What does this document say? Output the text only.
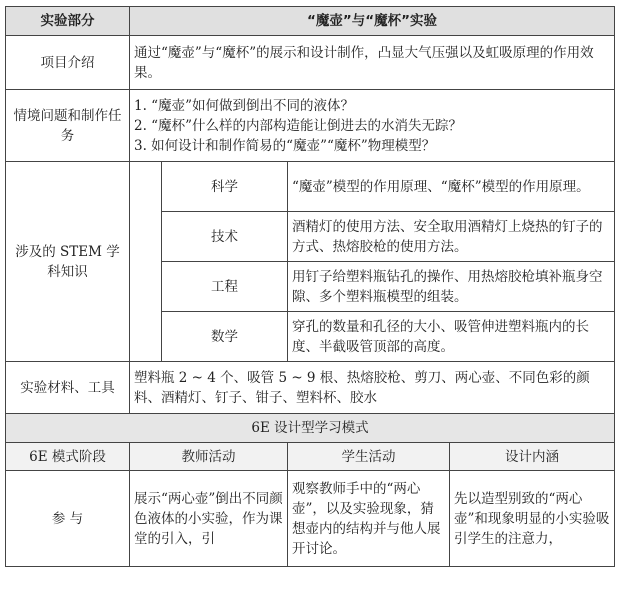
实验部分	“魔壶”与“魔杯”实验			
项目介绍	通过“魔壶”与“魔杯”的展示和设计制作，凸显大气压强以及虹吸原理的作用效果。			
情境问题和制作任务	1. “魔壶”如何做到倒出不同的液体？
2. “魔杯”什么样的内部构造能让倒进去的水消失无踪？
3. 如何设计和制作简易的“魔壶”“魔杯”物理模型？			

涉及的 STEM 学科知识		科学	“魔壶”模型的作用原理、“魔杯”模型的作用原理。	
		技术	酒精灯的使用方法、安全取用酒精灯上烧热的钉子的方式、热熔胶枪的使用方法。	
		工程	用钉子给塑料瓶钻孔的操作、用热熔胶枪填补瓶身空隙、多个塑料瓶模型的组装。	
		数学	穿孔的数量和孔径的大小、吸管伸进塑料瓶内的长度、半截吸管顶部的高度。	
实验材料、工具	塑料瓶 2 ~ 4 个、吸管 5 ~ 9 根、热熔胶枪、剪刀、两心壶、不同色彩的颜料、酒精灯、钉子、钳子、塑料杯、胶水			
6E 设计型学习模式				
6E 模式阶段	教师活动		学生活动	设计内涵
参 与	展示“两心壶”倒出不同颜色液体的小实验，作为课堂的引入，引		观察教师手中的“两心壶”，以及实验现象，猜想壶内的结构并与他人展开讨论。	先以造型别致的“两心壶”和现象明显的小实验吸引学生的注意力，
